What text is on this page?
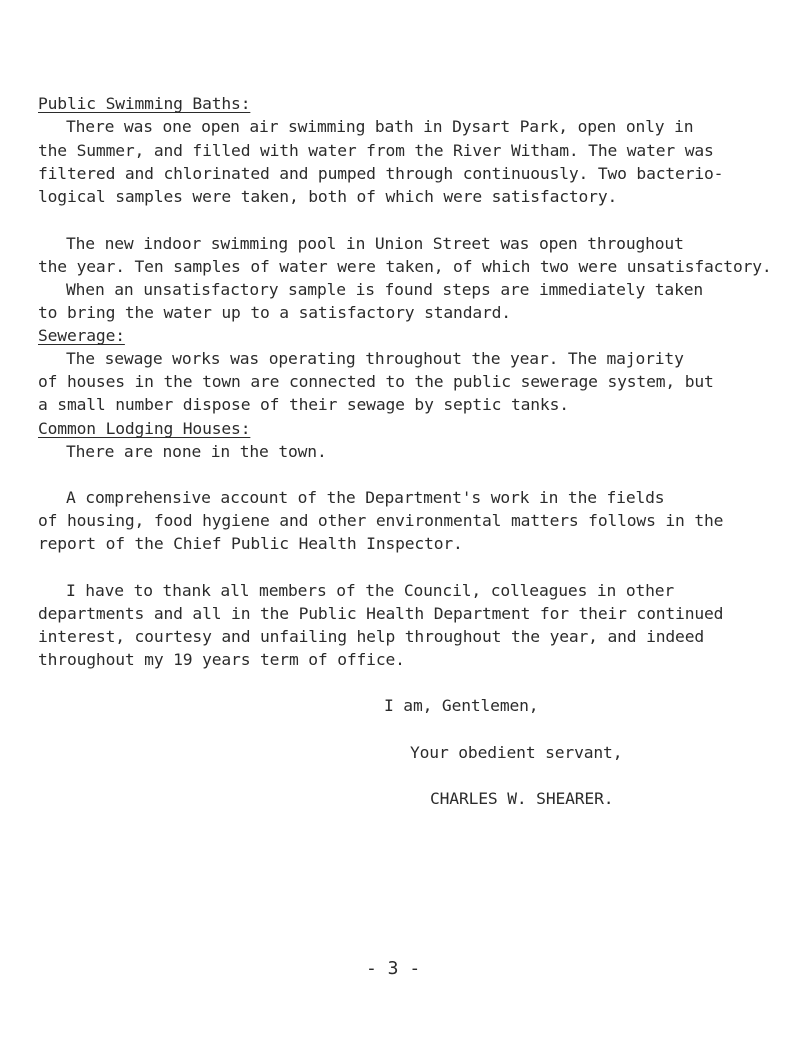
Public Swimming Baths:
There was one open air swimming bath in Dysart Park, open only in
the Summer, and filled with water from the River Witham. The water was
filtered and chlorinated and pumped through continuously. Two bacterio-
logical samples were taken, both of which were satisfactory.
The new indoor swimming pool in Union Street was open throughout
the year. Ten samples of water were taken, of which two were unsatisfactory.
When an unsatisfactory sample is found steps are immediately taken
to bring the water up to a satisfactory standard.
Sewerage:
The sewage works was operating throughout the year. The majority
of houses in the town are connected to the public sewerage system, but
a small number dispose of their sewage by septic tanks.
Common Lodging Houses:
There are none in the town.
A comprehensive account of the Department's work in the fields
of housing, food hygiene and other environmental matters follows in the
report of the Chief Public Health Inspector.
I have to thank all members of the Council, colleagues in other
departments and all in the Public Health Department for their continued
interest, courtesy and unfailing help throughout the year, and indeed
throughout my 19 years term of office.
I am, Gentlemen,
Your obedient servant,
CHARLES W. SHEARER.
- 3 -
